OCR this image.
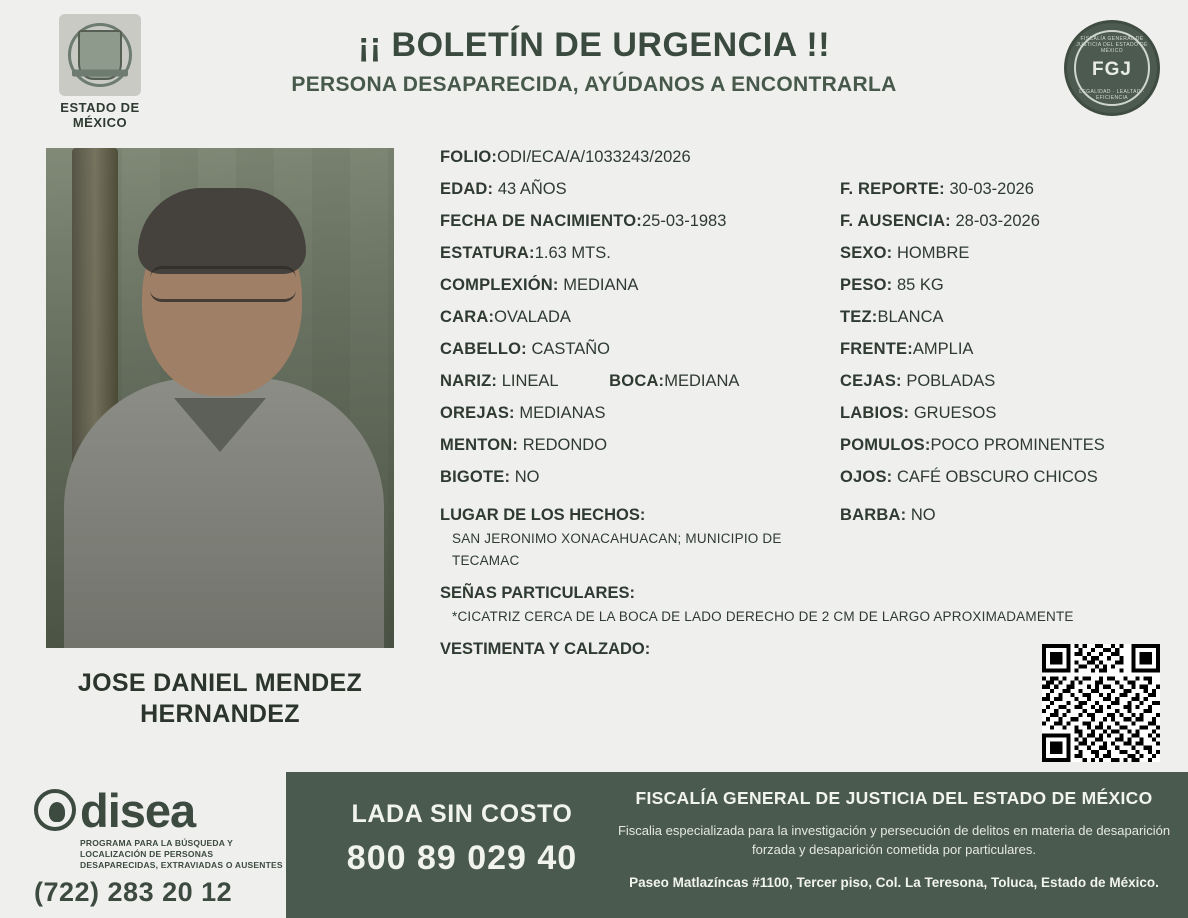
ESTADO DE MÉXICO
¡¡ BOLETÍN DE URGENCIA !!
PERSONA DESAPARECIDA, AYÚDANOS A ENCONTRARLA
FISCALÍA GENERAL DE JUSTICIA DEL ESTADO DE MÉXICO
FGJ
LEGALIDAD · LEALTAD · EFICIENCIA
JOSE DANIEL MENDEZ HERNANDEZ
FOLIO:ODI/ECA/A/1033243/2026
EDAD: 43 AÑOS	F. REPORTE: 30-03-2026
FECHA DE NACIMIENTO:25-03-1983	F. AUSENCIA: 28-03-2026
ESTATURA:1.63 MTS.	SEXO: HOMBRE
COMPLEXIÓN: MEDIANA	PESO: 85 KG
CARA:OVALADA	TEZ:BLANCA
CABELLO: CASTAÑO	FRENTE:AMPLIA
NARIZ: LINEAL	BOCA:MEDIANA	CEJAS: POBLADAS
OREJAS: MEDIANAS	LABIOS: GRUESOS
MENTON: REDONDO	POMULOS:POCO PROMINENTES
BIGOTE: NO	OJOS: CAFÉ OBSCURO CHICOS
LUGAR DE LOS HECHOS:
SAN JERONIMO XONACAHUACAN; MUNICIPIO DE TECAMAC
BARBA: NO
SEÑAS PARTICULARES:
*CICATRIZ CERCA DE LA BOCA DE LADO DERECHO DE 2 CM DE LARGO APROXIMADAMENTE
VESTIMENTA Y CALZADO:
disea
PROGRAMA PARA LA BÚSQUEDA Y LOCALIZACIÓN DE PERSONAS DESAPARECIDAS, EXTRAVIADAS O AUSENTES
(722) 283 20 12
LADA SIN COSTO
800 89 029 40
FISCALÍA GENERAL DE JUSTICIA DEL ESTADO DE MÉXICO
Fiscalia especializada para la investigación y persecución de delitos en materia de desaparición forzada y desaparición cometida por particulares.
Paseo Matlazíncas #1100, Tercer piso, Col. La Teresona, Toluca, Estado de México.
